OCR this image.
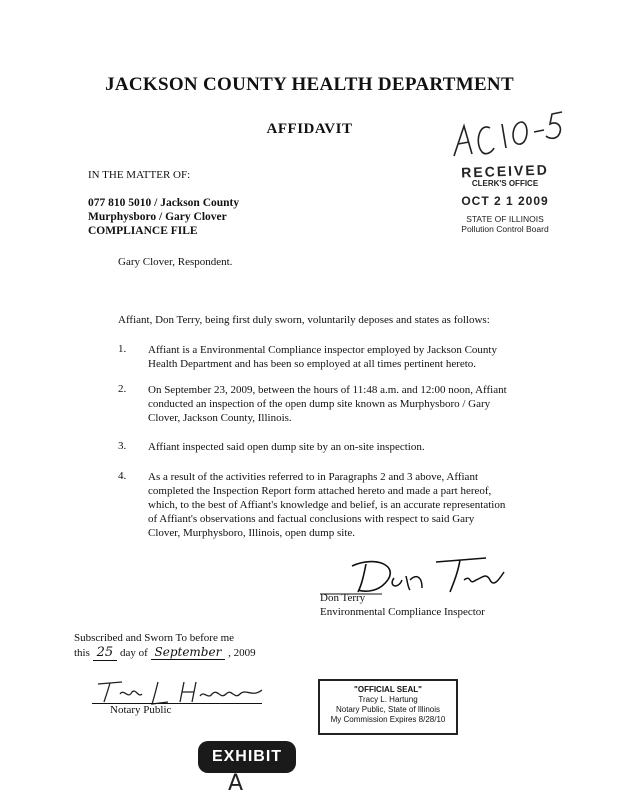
JACKSON COUNTY HEALTH DEPARTMENT
AFFIDAVIT
RECEIVED
CLERK'S OFFICE
OCT 2 1 2009
STATE OF ILLINOIS
Pollution Control Board
IN THE MATTER OF:
077 810 5010 / Jackson County
Murphysboro / Gary Clover
COMPLIANCE FILE
Gary Clover, Respondent.
Affiant, Don Terry, being first duly sworn, voluntarily deposes and states as follows:
1. Affiant is a Environmental Compliance inspector employed by Jackson County
Health Department and has been so employed at all times pertinent hereto.
2. On September 23, 2009, between the hours of 11:48 a.m. and 12:00 noon, Affiant
conducted an inspection of the open dump site known as Murphysboro / Gary
Clover, Jackson County, Illinois.
3. Affiant inspected said open dump site by an on-site inspection.
4. As a result of the activities referred to in Paragraphs 2 and 3 above, Affiant
completed the Inspection Report form attached hereto and made a part hereof,
which, to the best of Affiant's knowledge and belief, is an accurate representation
of Affiant's observations and factual conclusions with respect to said Gary
Clover, Murphysboro, Illinois, open dump site.
Don Terry
Environmental Compliance Inspector
Subscribed and Sworn To before me
this 25 day of September , 2009
Notary Public
"OFFICIAL SEAL"
Tracy L. Hartung
Notary Public, State of Illinois
My Commission Expires 8/28/10
EXHIBIT
A
